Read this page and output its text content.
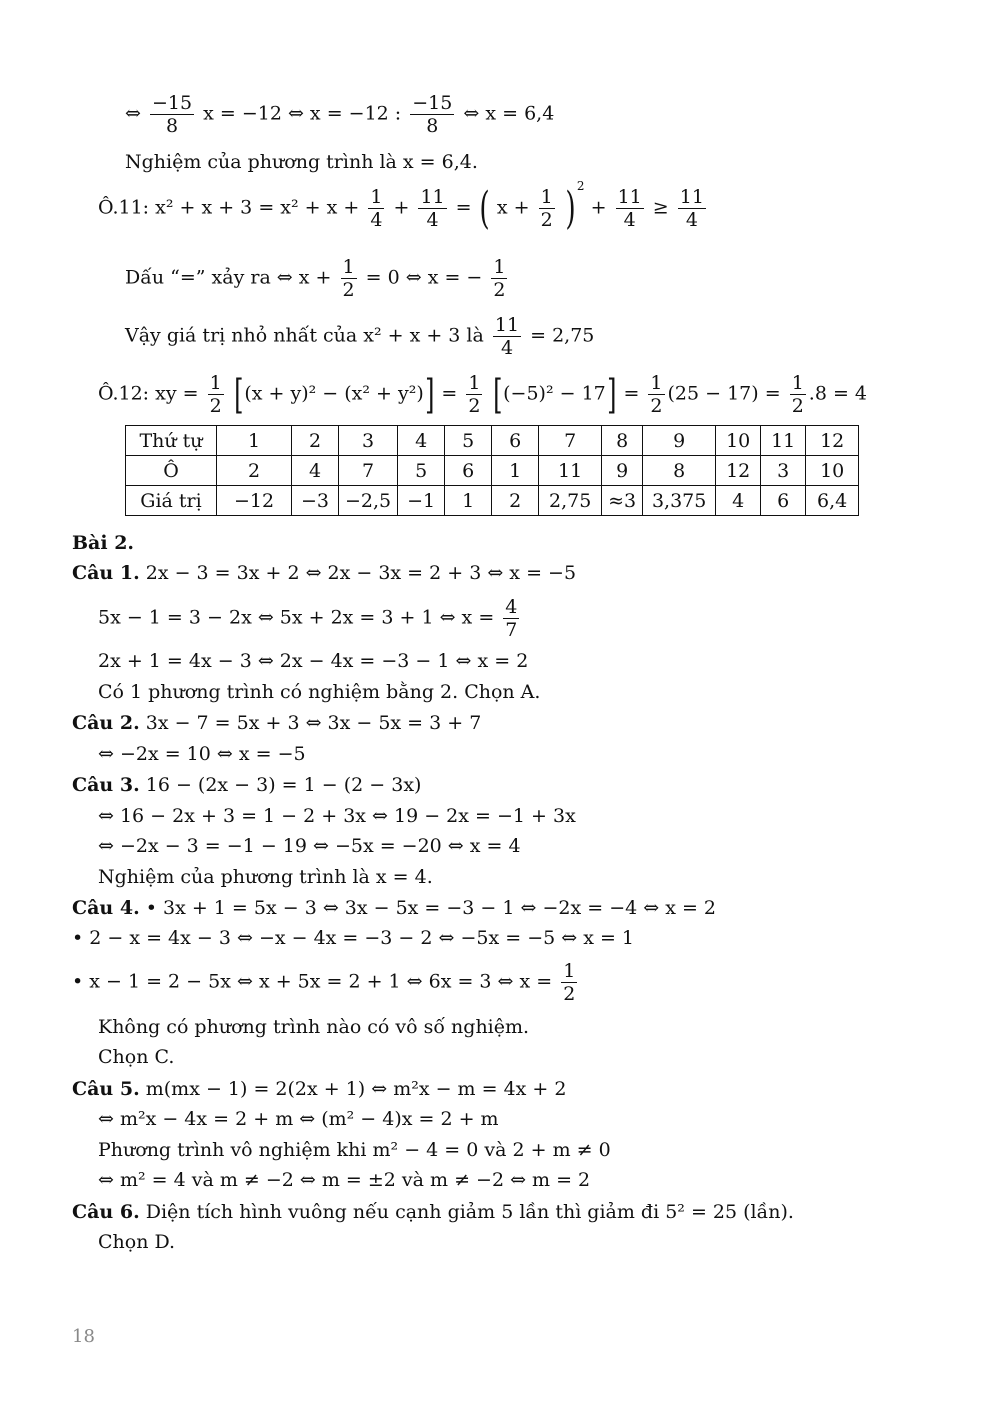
⇔ $\frac{-15}{8}$ x = −12 ⇔ x = −12 : $\frac{-15}{8}$ ⇔ x = 6,4
Nghiệm của phương trình là x = 6,4.
Ô.11: $x^2 + x + 3 = x^2 + x + \frac{1}{4} + \frac{11}{4}$ = ( $x + \frac{1}{2} )^2 + \frac{11}{4} \ge \frac{11}{4}$
Dấu “=” xảy ra ⇔ $x + \frac{1}{2} = 0$ ⇔ x = − $\frac{1}{2}$
Vậy giá trị nhỏ nhất của x² + x + 3 là $\frac{11}{4} = 2,75$
Ô.12: xy = $\frac{1}{2} [(x + y)^2 - (x^2 + y^2)] = \frac{1}{2} [(-5)^2 - 17] = \frac{1}{2} (25 - 17) = \frac{1}{2} .8 = 4$
Thứ tự	1	2	3	4	5	6	7	8	9	10	11	12
Ô	2	4	7	5	6	1	11	9	8	12	3	10
Giá trị	−12	−3	−2,5	−1	1	2	2,75	≈3	3,375	4	6	6,4
Bài 2.
Câu 1. 2x − 3 = 3x + 2 ⇔ 2x − 3x = 2 + 3 ⇔ x = −5
5x − 1 = 3 − 2x ⇔ 5x + 2x = 3 + 1 ⇔ $x = \frac{4}{7}$
2x + 1 = 4x − 3 ⇔ 2x − 4x = −3 − 1 ⇔ x = 2
Có 1 phương trình có nghiệm bằng 2. Chọn A.
Câu 2. 3x − 7 = 5x + 3 ⇔ 3x − 5x = 3 + 7
⇔ −2x = 10 ⇔ x = −5
Câu 3. 16 − (2x − 3) = 1 − (2 − 3x)
⇔ 16 − 2x + 3 = 1 − 2 + 3x ⇔ 19 − 2x = −1 + 3x
⇔ −2x − 3 = −1 − 19 ⇔ −5x = −20 ⇔ x = 4
Nghiệm của phương trình là x = 4.
Câu 4. • 3x + 1 = 5x − 3 ⇔ 3x − 5x = −3 − 1 ⇔ −2x = −4 ⇔ x = 2
• 2 − x = 4x − 3 ⇔ −x − 4x = −3 − 2 ⇔ −5x = −5 ⇔ x = 1
• x − 1 = 2 − 5x ⇔ x + 5x = 2 + 1 ⇔ 6x = 3 ⇔ $x = \frac{1}{2}$
Không có phương trình nào có vô số nghiệm.
Chọn C.
Câu 5. m(mx − 1) = 2(2x + 1) ⇔ m²x − m = 4x + 2
⇔ m²x − 4x = 2 + m ⇔ (m² − 4)x = 2 + m
Phương trình vô nghiệm khi m² − 4 = 0 và 2 + m ≠ 0
⇔ m² = 4 và m ≠ −2 ⇔ m = ±2 và m ≠ −2 ⇔ m = 2
Câu 6. Diện tích hình vuông nếu cạnh giảm 5 lần thì giảm đi 5² = 25 (lần).
Chọn D.
18
